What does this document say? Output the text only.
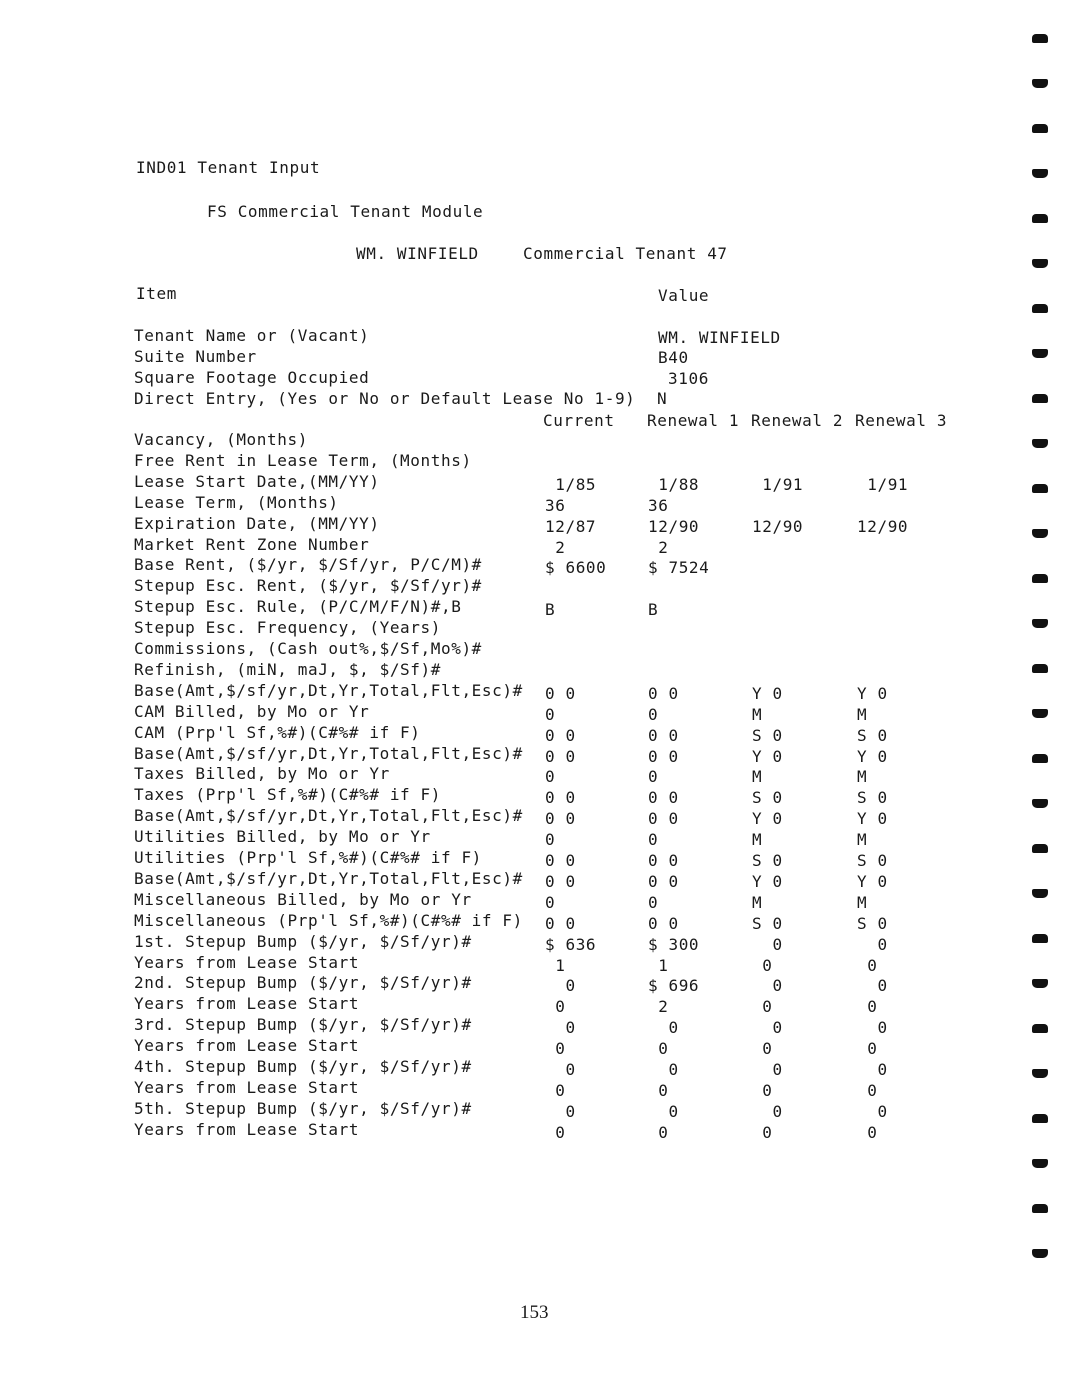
IND01 Tenant Input
FS Commercial Tenant Module
WM. WINFIELD	Commercial Tenant 47
Item	Value
Tenant Name or (Vacant)	WM. WINFIELD
Suite Number	B40
Square Footage Occupied	3106
Direct Entry, (Yes or No or Default Lease No 1-9) N
Current Renewal 1 Renewal 2 Renewal 3
Vacancy, (Months)
Free Rent in Lease Term, (Months)
Lease Start Date,(MM/YY)	1/85	1/88	1/91	1/91
Lease Term, (Months)	36	36
Expiration Date, (MM/YY)	12/87	12/90	12/90	12/90
Market Rent Zone Number	2	2
Base Rent, ($/yr, $/Sf/yr, P/C/M)#	$ 6600	$ 7524
Stepup Esc. Rent, ($/yr, $/Sf/yr)#
Stepup Esc. Rule, (P/C/M/F/N)#,B	B	B
Stepup Esc. Frequency, (Years)
Commissions, (Cash out%,$/Sf,Mo%)#
Refinish, (miN, maJ, $, $/Sf)#
Base(Amt,$/sf/yr,Dt,Yr,Total,Flt,Esc)# 0 0	0 0	Y 0	Y 0
CAM Billed, by Mo or Yr	0	0	M	M
CAM (Prp'l Sf,%#)(C#%# if F)	0 0	0 0	S 0	S 0
Base(Amt,$/sf/yr,Dt,Yr,Total,Flt,Esc)# 0 0	0 0	Y 0	Y 0
Taxes Billed, by Mo or Yr	0	0	M	M
Taxes (Prp'l Sf,%#)(C#%# if F)	0 0	0 0	S 0	S 0
Base(Amt,$/sf/yr,Dt,Yr,Total,Flt,Esc)# 0 0	0 0	Y 0	Y 0
Utilities Billed, by Mo or Yr	0	0	M	M
Utilities (Prp'l Sf,%#)(C#%# if F)	0 0	0 0	S 0	S 0
Base(Amt,$/sf/yr,Dt,Yr,Total,Flt,Esc)# 0 0	0 0	Y 0	Y 0
Miscellaneous Billed, by Mo or Yr	0	0	M	M
Miscellaneous (Prp'l Sf,%#)(C#%# if F) 0 0	0 0	S 0	S 0
1st. Stepup Bump ($/yr, $/Sf/yr)#	$ 636	$ 300	0	0
Years from Lease Start	1	1	0	0
2nd. Stepup Bump ($/yr, $/Sf/yr)#	0	$ 696	0	0
Years from Lease Start	0	2	0	0
3rd. Stepup Bump ($/yr, $/Sf/yr)#	0	0	0	0
Years from Lease Start	0	0	0	0
4th. Stepup Bump ($/yr, $/Sf/yr)#	0	0	0	0
Years from Lease Start	0	0	0	0
5th. Stepup Bump ($/yr, $/Sf/yr)#	0	0	0	0
Years from Lease Start	0	0	0	0
153
